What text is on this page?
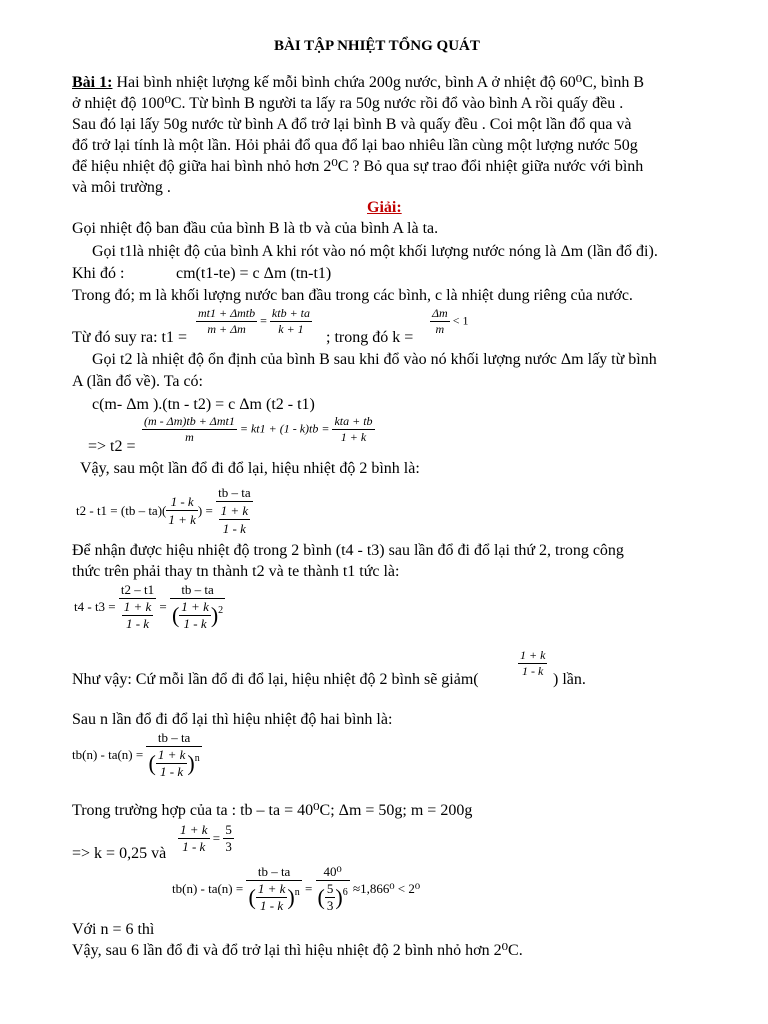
BÀI TẬP NHIỆT TỔNG QUÁT
Bài 1: Hai bình nhiệt lượng kế mỗi bình chứa 200g nước, bình A ở nhiệt độ 60⁰C, bình B
ở nhiệt độ 100⁰C. Từ bình B người ta lấy ra 50g nước rồi đổ vào bình A rồi quấy đều .
Sau đó lại lấy 50g nước từ bình A đổ trở lại bình B và quấy đều . Coi một lần đổ qua và
đổ trở lại tính là một lần. Hỏi phải đổ qua đổ lại bao nhiêu lần cùng một lượng nước 50g
để hiệu nhiệt độ giữa hai bình nhỏ hơn 2⁰C ? Bỏ qua sự trao đổi nhiệt giữa nước với bình
và môi trường .
Giải:
Gọi nhiệt độ ban đầu của bình B là tb và của bình A là ta.
Gọi t1là nhiệt độ của bình A khi rót vào nó một khối lượng nước nóng là Δm (lần đổ đi).
Khi đó :	cm(t1-te) = c Δm (tn-t1)
Trong đó; m là khối lượng nước ban đầu trong các bình, c là nhiệt dung riêng của nước.
Từ đó suy ra: t1 =
$\frac{\text{mt1 + Δmtb}}{m + \Delta m} = \frac{\text{ktb + ta}}{k + 1}$
; trong đó k =
$\frac{\Delta m}{m} < 1$
Gọi t2 là nhiệt độ ổn định của bình B sau khi đổ vào nó khối lượng nước Δm lấy từ bình
A (lần đổ về). Ta có:
c(m- Δm ).(tn - t2) = c Δm (t2 - t1)
=> t2 =
$\frac{\text{(m - Δm)tb + Δmt1}}{m} = kt1 + (1 - k)tb = \frac{\text{kta + tb}}{1 + k}$
Vậy, sau một lần đổ đi đổ lại, hiệu nhiệt độ 2 bình là:
$t2 - t1 = (tb - ta)( \frac{1 - k}{1 + k}$ ) = $\frac{tb - ta}{\frac{1 + k}{1 - k}}$
Để nhận được hiệu nhiệt độ trong 2 bình (t4 - t3) sau lần đổ đi đổ lại thứ 2, trong công
thức trên phải thay tn thành t2 và te thành t1 tức là:
$t4 - t3 = \frac{t2 - t1}{\frac{1 + k}{1 - k}} = \frac{tb - ta}{( \frac{1 + k}{1 - k} )^2}$
Như vậy: Cứ mỗi lần đổ đi đổ lại, hiệu nhiệt độ 2 bình sẽ giảm(
$\frac{1 + k}{1 - k}$
) lần.
Sau n lần đổ đi đổ lại thì hiệu nhiệt độ hai bình là:
$tb(n) - ta(n) = \frac{tb - ta}{( \frac{1 + k}{1 - k} )^n}$
Trong trường hợp của ta : tb – ta = 40⁰C; Δm = 50g; m = 200g
=> k = 0,25 và $\frac{1 + k}{1 - k} = \frac{5}{3}$
$tb(n) - ta(n) = \frac{tb - ta}{( \frac{1 + k}{1 - k} )^n} = \frac{\text{40⁰}}{( \frac{5}{3} )^6} \approx 1,866^0 < 2^0$
Với n = 6 thì
Vậy, sau 6 lần đổ đi và đổ trở lại thì hiệu nhiệt độ 2 bình nhỏ hơn 2⁰C.
